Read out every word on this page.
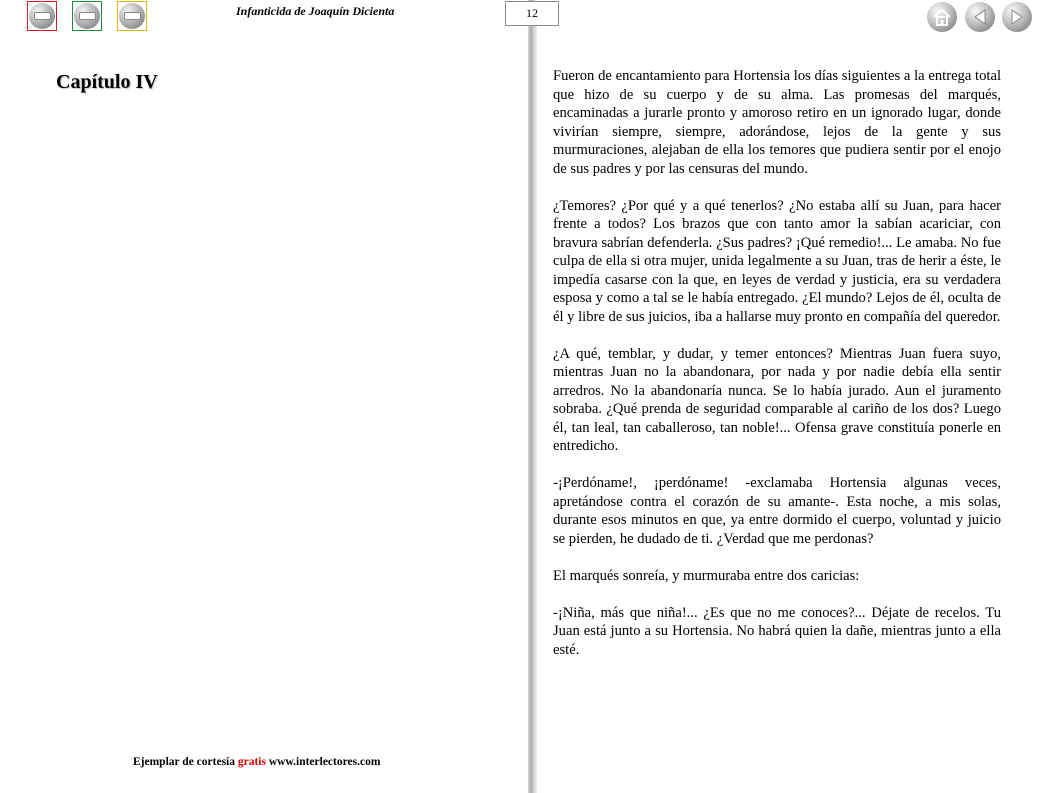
Infanticida de Joaquín Dicienta	12
Capítulo IV
Ejemplar de cortesía gratis www.interlectores.com

Fueron de encantamiento para Hortensia los días siguientes a la entrega total que hizo de su cuerpo y de su alma. Las promesas del marqués, encaminadas a jurarle pronto y amoroso retiro en un ignorado lugar, donde vivirían siempre, siempre, adorándose, lejos de la gente y sus murmuraciones, alejaban de ella los temores que pudiera sentir por el enojo de sus padres y por las censuras del mundo.

¿Temores? ¿Por qué y a qué tenerlos? ¿No estaba allí su Juan, para hacer frente a todos? Los brazos que con tanto amor la sabían acariciar, con bravura sabrían defenderla. ¿Sus padres? ¡Qué remedio!... Le amaba. No fue culpa de ella si otra mujer, unida legalmente a su Juan, tras de herir a éste, le impedía casarse con la que, en leyes de verdad y justicia, era su verdadera esposa y como a tal se le había entregado. ¿El mundo? Lejos de él, oculta de él y libre de sus juicios, iba a hallarse muy pronto en compañía del queredor.

¿A qué, temblar, y dudar, y temer entonces? Mientras Juan fuera suyo, mientras Juan no la abandonara, por nada y por nadie debía ella sentir arredros. No la abandonaría nunca. Se lo había jurado. Aun el juramento sobraba. ¿Qué prenda de seguridad comparable al cariño de los dos? Luego él, tan leal, tan caballeroso, tan noble!... Ofensa grave constituía ponerle en entredicho.

-¡Perdóname!, ¡perdóname! -exclamaba Hortensia algunas veces, apretándose contra el corazón de su amante-. Esta noche, a mis solas, durante esos minutos en que, ya entre dormido el cuerpo, voluntad y juicio se pierden, he dudado de ti. ¿Verdad que me perdonas?

El marqués sonreía, y murmuraba entre dos caricias:

-¡Niña, más que niña!... ¿Es que no me conoces?... Déjate de recelos. Tu Juan está junto a su Hortensia. No habrá quien la dañe, mientras junto a ella esté.
